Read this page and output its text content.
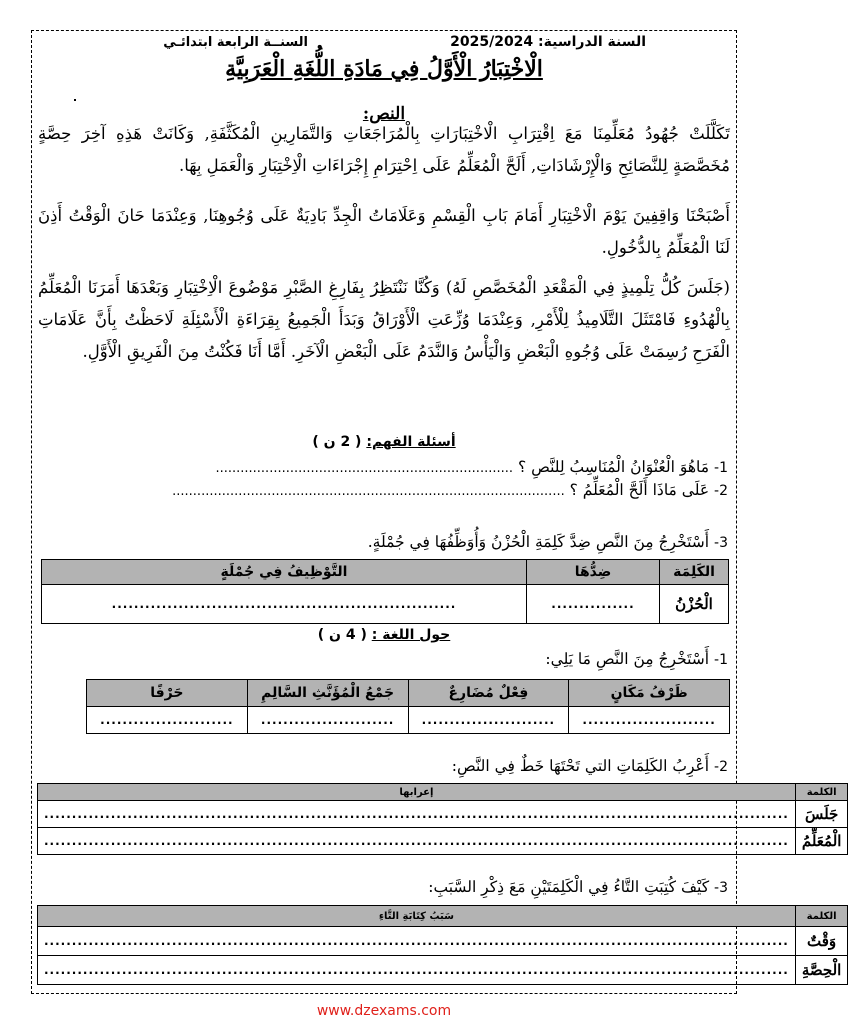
السنة الدراسية: 2025/2024
السنــة الرابعة ابتدائـي
الْاخْتِبَارُ الْأَوَّلُ فِي مَادَةِ اللُّغَةِ الْعَرَبِيَّةِ
النص:
تَكَلَّلَتْ جُهُودُ مُعَلِّمِنَا مَعَ اِقْتِرَابِ الْاخْتِبَارَاتِ بِالْمُرَاجَعَاتِ وَالتَّمَارِينِ الْمُكَثَّفَةِ, وَكَانَتْ هَذِهِ آخِرَ حِصَّةٍ مُخَصَّصَةٍ لِلنَّصَائِحِ وَالْإِرْشَادَاتِ, أَلَحَّ الْمُعَلِّمُ عَلَى اِحْتِرَامِ إِجْرَاءَاتِ الْاِخْتِبَارِ وَالْعَمَلِ بِهَا.
أَصْبَحْنَا وَاقِفِينَ يَوْمَ الْاخْتِبَارِ أَمَامَ بَابِ الْقِسْمِ وَعَلَامَاتُ الْجِدِّ بَادِيَةٌ عَلَى وُجُوهِنَا, وَعِنْدَمَا حَانَ الْوَقْتُ أَذِنَ لَنَا الْمُعَلِّمُ بِالدُّخُولِ.
(جَلَسَ كُلُّ تِلْمِيذٍ فِي الْمَقْعَدِ الْمُخَصَّصِ لَهُ) وَكُنَّا نَنْتَظِرُ بِفَارِغِ الصَّبْرِ مَوْضُوعَ الْاِخْتِبَارِ وَبَعْدَهَا أَمَرَنَا الْمُعَلِّمُ بِالْهُدُوءِ فَامْتَثَلَ التَّلَامِيذُ لِلْأَمْرِ, وَعِنْدَمَا وُزِّعَتِ الْأَوْرَاقُ وَبَدَأَ الْجَمِيعُ بِقِرَاءَةِ الْأَسْئِلَةِ لَاحَظْتُ بِأَنَّ عَلَامَاتِ الْفَرَحِ رُسِمَتْ عَلَى وُجُوهِ الْبَعْضِ وَالْيَأْسُ وَالنَّدَمُ عَلَى الْبَعْضِ الْآخَرِ. أَمَّا أَنَا فَكُنْتُ مِنَ الْفَرِيقِ الْأَوَّلِ.
أسئلة الفهم: ( 2 ن )
1- مَاهُوَ الْعُنْوَانُ الْمُنَاسِبُ لِلنَّصِ ؟ ........................................................................
2- عَلَى مَاذَا أَلَحَّ الْمُعَلِّمُ ؟ ...............................................................................................
3- أَسْتَخْرِجُ مِنَ النَّصِ ضِدَّ كَلِمَةِ الْحُزْنُ وَأُوَظِّفُهَا فِي جُمْلَةٍ.
الكَلِمَة	ضِدُّهَا	التَّوْظِيفُ فِي جُمْلَةٍ
الْحُزْنُ	...............	..............................................................
حول اللغة : ( 4 ن )
1- أَسْتَخْرِجُ مِنَ النَّصِ مَا يَلِي:
ظَرْفُ مَكَانٍ	فِعْلٌ مُضَارِعٌ	جَمْعُ الْمُؤَنَّثِ السَّالِمِ	حَرْفًا
........................	........................	........................	........................
2- أَعْرِبُ الكَلِمَاتِ التي تَحْتَهَا خَطٌ فِي النَّصِ:
الكلمة	إعرابها
جَلَسَ	......................................................................................................................................
الْمُعَلِّمُ	......................................................................................................................................
3- كَيْفَ كُتِبَتِ التَّاءُ فِي الْكَلِمَتَيْنِ مَعَ ذِكْرِ السَّبَبِ:
الكلمة	سَبَبُ كِتَابَةِ التَّاءِ
وَقْتٌ	......................................................................................................................................
الْحِصَّةِ	......................................................................................................................................
www.dzexams.com
